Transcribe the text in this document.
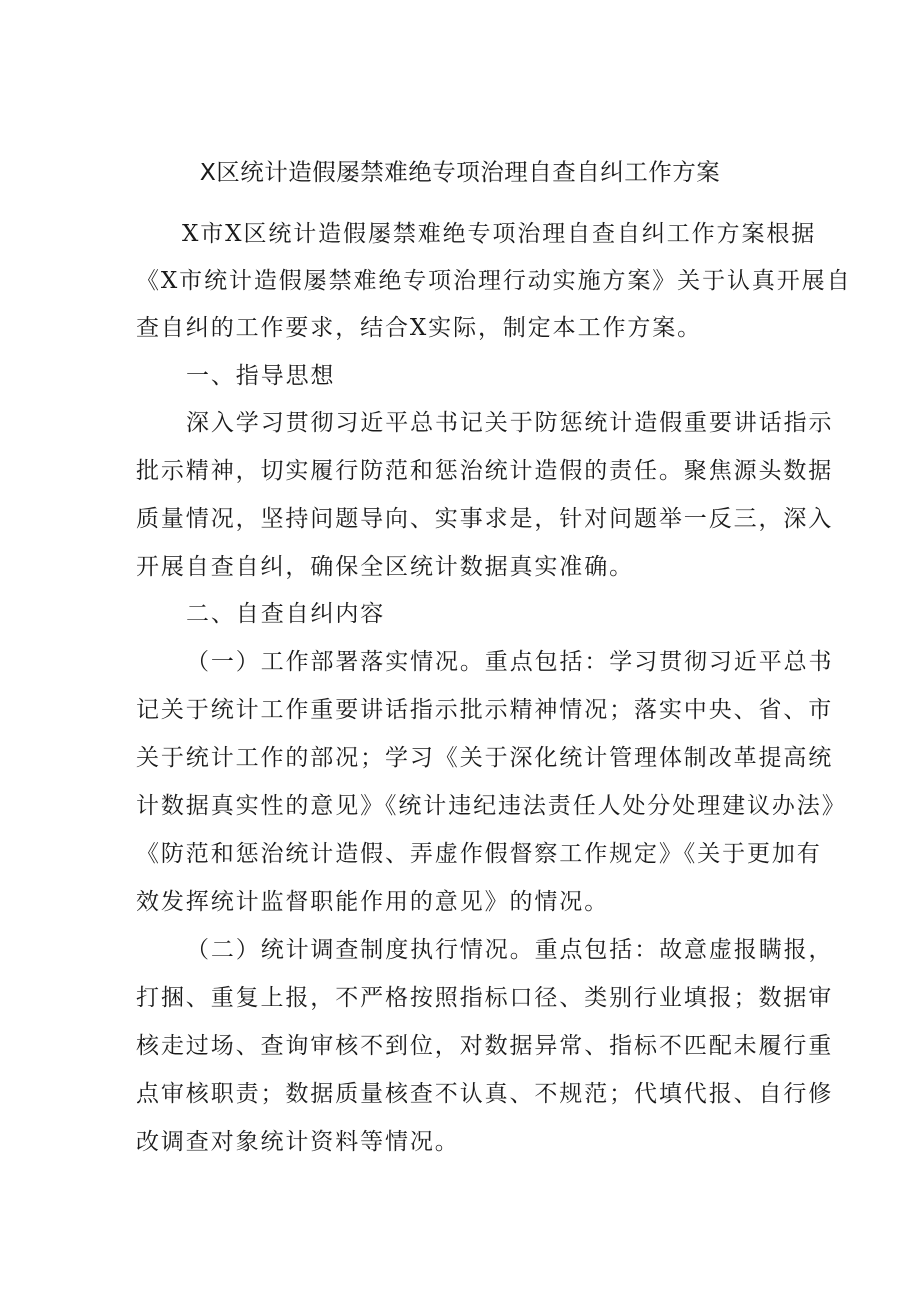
X区统计造假屡禁难绝专项治理自查自纠工作方案
X市X区统计造假屡禁难绝专项治理自查自纠工作方案根据
《X市统计造假屡禁难绝专项治理行动实施方案》关于认真开展自
查自纠的工作要求，结合X实际，制定本工作方案。
一、指导思想
深入学习贯彻习近平总书记关于防惩统计造假重要讲话指示
批示精神，切实履行防范和惩治统计造假的责任。聚焦源头数据
质量情况，坚持问题导向、实事求是，针对问题举一反三，深入
开展自查自纠，确保全区统计数据真实准确。
二、自查自纠内容
（一）工作部署落实情况。重点包括：学习贯彻习近平总书
记关于统计工作重要讲话指示批示精神情况；落实中央、省、市
关于统计工作的部况；学习《关于深化统计管理体制改革提高统
计数据真实性的意见》《统计违纪违法责任人处分处理建议办法》
《防范和惩治统计造假、弄虚作假督察工作规定》《关于更加有
效发挥统计监督职能作用的意见》的情况。
（二）统计调查制度执行情况。重点包括：故意虚报瞒报，
打捆、重复上报，不严格按照指标口径、类别行业填报；数据审
核走过场、查询审核不到位，对数据异常、指标不匹配未履行重
点审核职责；数据质量核查不认真、不规范；代填代报、自行修
改调查对象统计资料等情况。
